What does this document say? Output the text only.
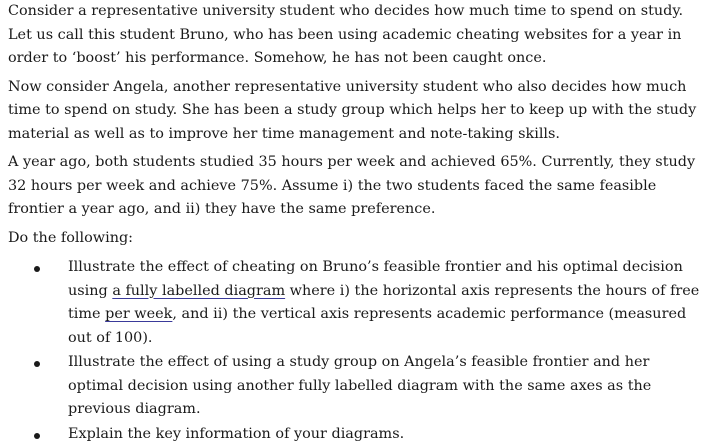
Consider a representative university student who decides how much time to spend on study. Let us call this student Bruno, who has been using academic cheating websites for a year in order to ‘boost’ his performance. Somehow, he has not been caught once.

Now consider Angela, another representative university student who also decides how much time to spend on study. She has been a study group which helps her to keep up with the study material as well as to improve her time management and note-taking skills.

A year ago, both students studied 35 hours per week and achieved 65%. Currently, they study 32 hours per week and achieve 75%. Assume i) the two students faced the same feasible frontier a year ago, and ii) they have the same preference.

Do the following:

Illustrate the effect of cheating on Bruno’s feasible frontier and his optimal decision using a fully labelled diagram where i) the horizontal axis represents the hours of free time per week, and ii) the vertical axis represents academic performance (measured out of 100).
Illustrate the effect of using a study group on Angela’s feasible frontier and her optimal decision using another fully labelled diagram with the same axes as the previous diagram.
Explain the key information of your diagrams.
